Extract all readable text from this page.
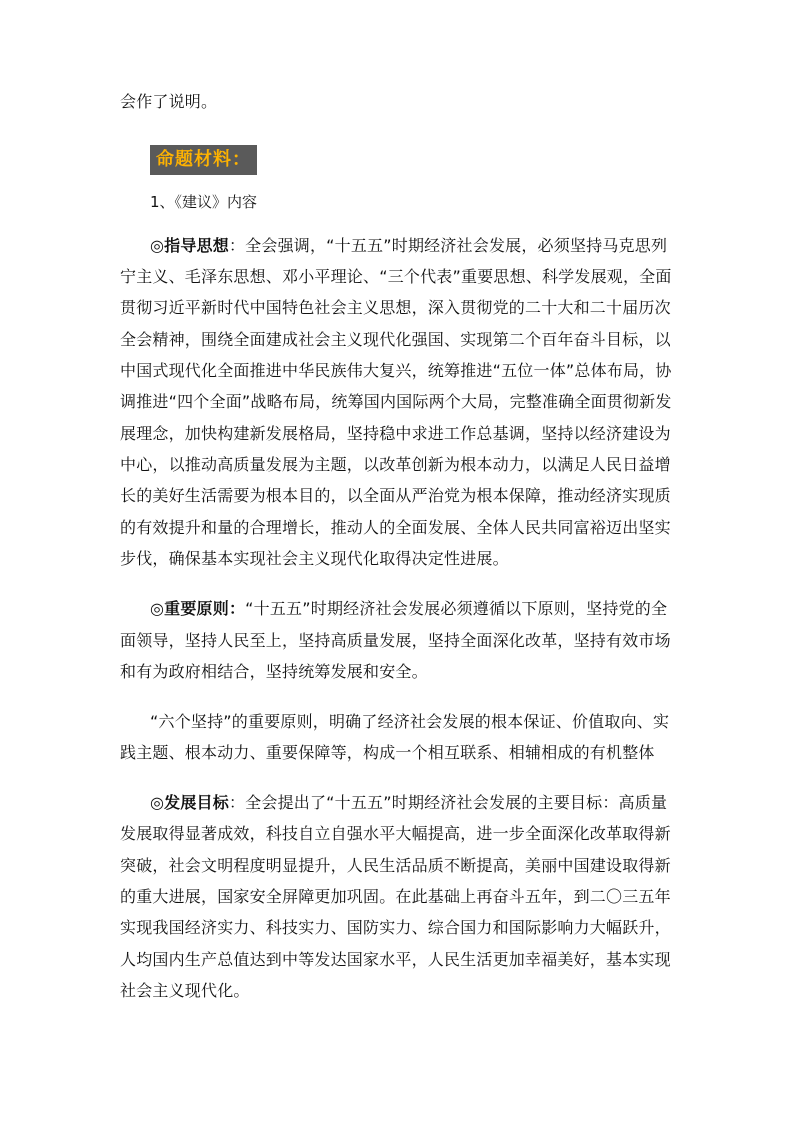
会作了说明。
命题材料：
1、《建议》内容
◎指导思想：全会强调，“十五五”时期经济社会发展，必须坚持马克思列
宁主义、毛泽东思想、邓小平理论、“三个代表”重要思想、科学发展观，全面
贯彻习近平新时代中国特色社会主义思想，深入贯彻党的二十大和二十届历次
全会精神，围绕全面建成社会主义现代化强国、实现第二个百年奋斗目标，以
中国式现代化全面推进中华民族伟大复兴，统筹推进“五位一体”总体布局，协
调推进“四个全面”战略布局，统筹国内国际两个大局，完整准确全面贯彻新发
展理念，加快构建新发展格局，坚持稳中求进工作总基调，坚持以经济建设为
中心，以推动高质量发展为主题，以改革创新为根本动力，以满足人民日益增
长的美好生活需要为根本目的，以全面从严治党为根本保障，推动经济实现质
的有效提升和量的合理增长，推动人的全面发展、全体人民共同富裕迈出坚实
步伐，确保基本实现社会主义现代化取得决定性进展。
◎重要原则：“十五五”时期经济社会发展必须遵循以下原则，坚持党的全
面领导，坚持人民至上，坚持高质量发展，坚持全面深化改革，坚持有效市场
和有为政府相结合，坚持统筹发展和安全。
“六个坚持”的重要原则，明确了经济社会发展的根本保证、价值取向、实
践主题、根本动力、重要保障等，构成一个相互联系、相辅相成的有机整体
◎发展目标：全会提出了“十五五”时期经济社会发展的主要目标：高质量
发展取得显著成效，科技自立自强水平大幅提高，进一步全面深化改革取得新
突破，社会文明程度明显提升，人民生活品质不断提高，美丽中国建设取得新
的重大进展，国家安全屏障更加巩固。在此基础上再奋斗五年，到二〇三五年
实现我国经济实力、科技实力、国防实力、综合国力和国际影响力大幅跃升，
人均国内生产总值达到中等发达国家水平，人民生活更加幸福美好，基本实现
社会主义现代化。
